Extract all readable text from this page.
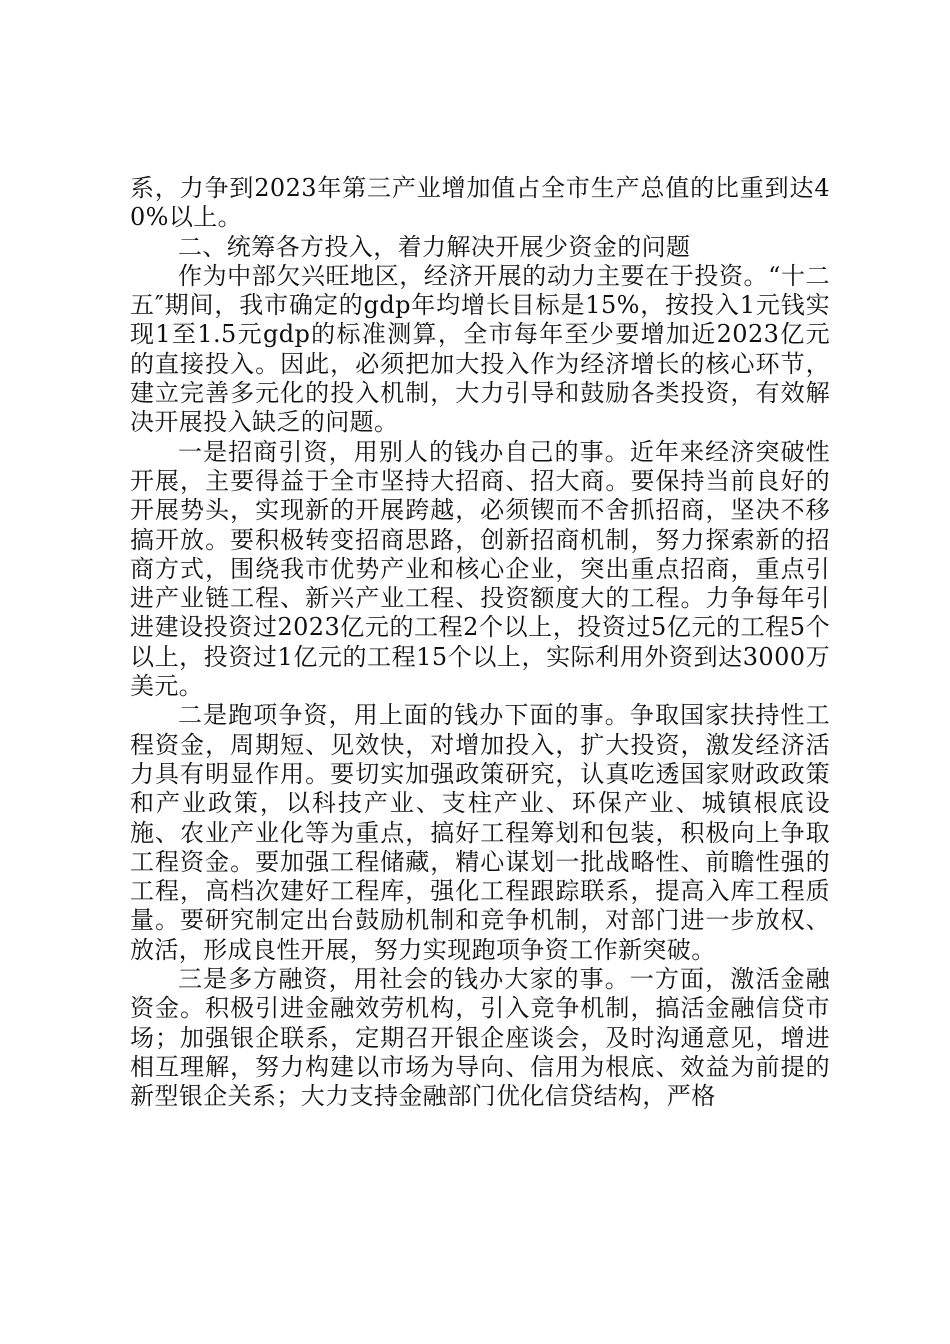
系，力争到2023年第三产业增加值占全市生产总值的比重到达40%以上。

二、统筹各方投入，着力解决开展少资金的问题

作为中部欠兴旺地区，经济开展的动力主要在于投资。“十二五″期间，我市确定的gdp年均增长目标是15%，按投入1元钱实现1至1.5元gdp的标准测算，全市每年至少要增加近2023亿元的直接投入。因此，必须把加大投入作为经济增长的核心环节，建立完善多元化的投入机制，大力引导和鼓励各类投资，有效解决开展投入缺乏的问题。

一是招商引资，用别人的钱办自己的事。近年来经济突破性开展，主要得益于全市坚持大招商、招大商。要保持当前良好的开展势头，实现新的开展跨越，必须锲而不舍抓招商，坚决不移搞开放。要积极转变招商思路，创新招商机制，努力探索新的招商方式，围绕我市优势产业和核心企业，突出重点招商，重点引进产业链工程、新兴产业工程、投资额度大的工程。力争每年引进建设投资过2023亿元的工程2个以上，投资过5亿元的工程5个以上，投资过1亿元的工程15个以上，实际利用外资到达3000万美元。

二是跑项争资，用上面的钱办下面的事。争取国家扶持性工程资金，周期短、见效快，对增加投入，扩大投资，激发经济活力具有明显作用。要切实加强政策研究，认真吃透国家财政政策和产业政策，以科技产业、支柱产业、环保产业、城镇根底设施、农业产业化等为重点，搞好工程筹划和包装，积极向上争取工程资金。要加强工程储藏，精心谋划一批战略性、前瞻性强的工程，高档次建好工程库，强化工程跟踪联系，提高入库工程质量。要研究制定出台鼓励机制和竞争机制，对部门进一步放权、放活，形成良性开展，努力实现跑项争资工作新突破。

三是多方融资，用社会的钱办大家的事。一方面，激活金融资金。积极引进金融效劳机构，引入竞争机制，搞活金融信贷市场；加强银企联系，定期召开银企座谈会，及时沟通意见，增进相互理解，努力构建以市场为导向、信用为根底、效益为前提的新型银企关系；大力支持金融部门优化信贷结构，严格
